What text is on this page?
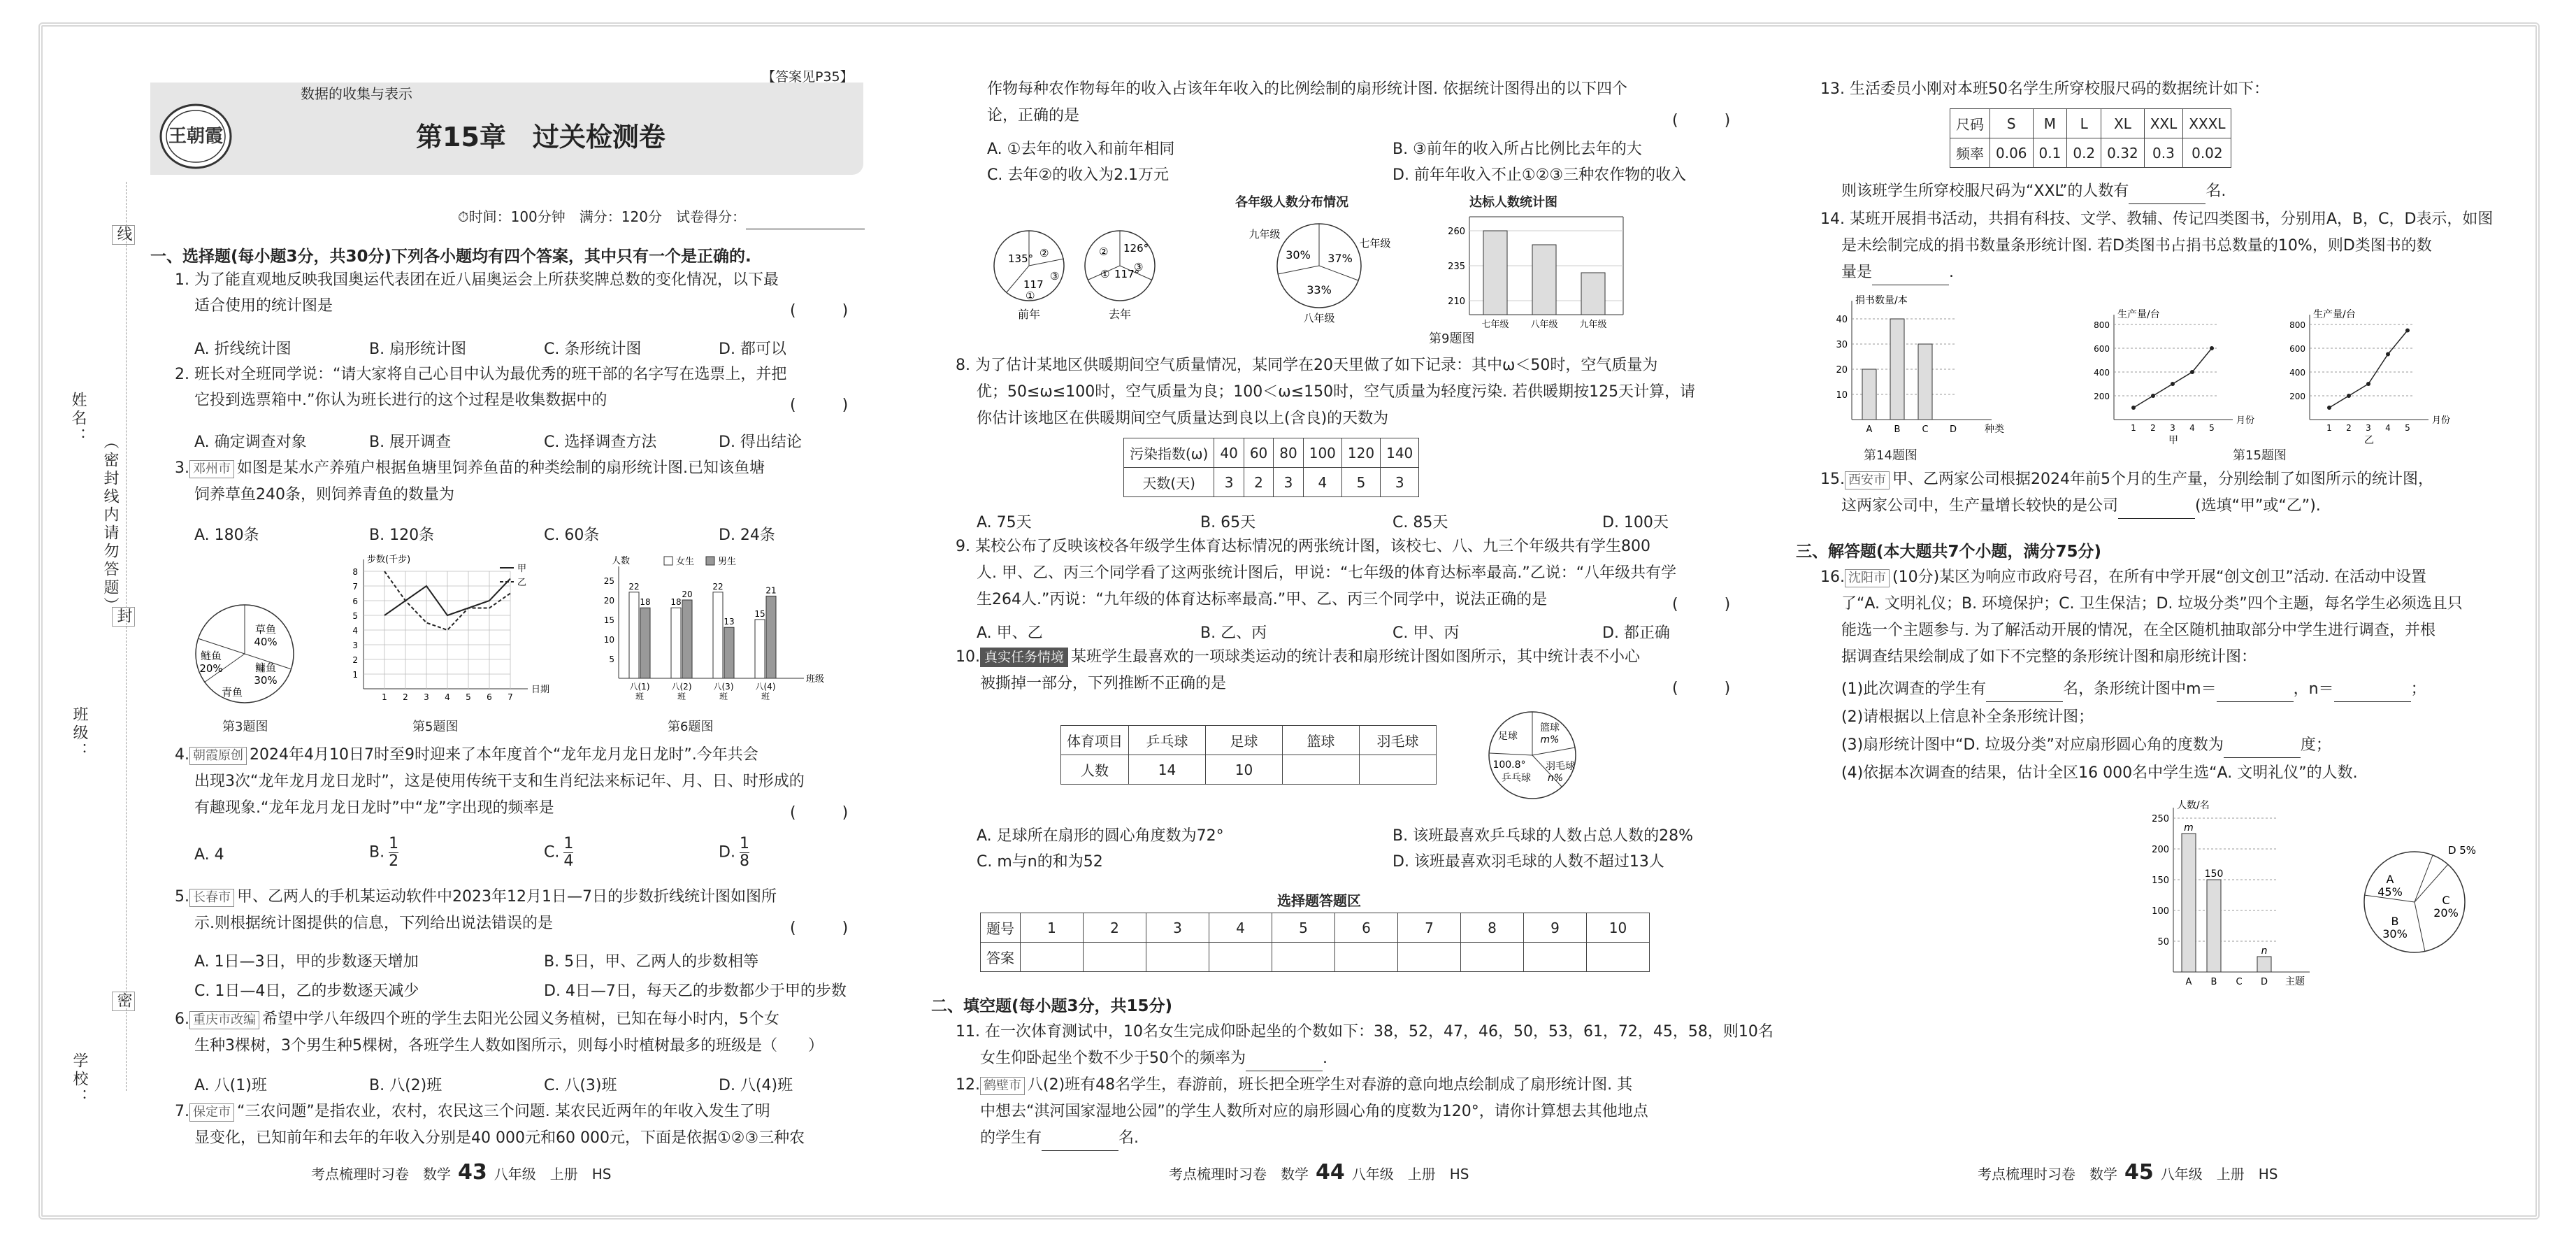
姓名：
班级：
学校：
（密封线内请勿答题）
线
封
密
王朝霞
数据的收集与表示
【答案见P35】
第15章　过关检测卷
⏱时间：100分钟　满分：120分　试卷得分：
一、选择题(每小题3分，共30分)下列各小题均有四个答案，其中只有一个是正确的.
1. 为了能直观地反映我国奥运代表团在近八届奥运会上所获奖牌总数的变化情况，以下最
适合使用的统计图是	(　　　)
A. 折线统计图	B. 扇形统计图	C. 条形统计图	D. 都可以
2. 班长对全班同学说：“请大家将自己心目中认为最优秀的班干部的名字写在选票上，并把
它投到选票箱中.”你认为班长进行的这个过程是收集数据中的	(　　　)
A. 确定调查对象	B. 展开调查	C. 选择调查方法	D. 得出结论
3. 邓州市 如图是某水产养殖户根据鱼塘里饲养鱼苗的种类绘制的扇形统计图.已知该鱼塘
饲养草鱼240条，则饲养青鱼的数量为
A. 180条	B. 120条	C. 60条	D. 24条
草鱼
40%
鲢鱼
20%	鳙鱼
30%
青鱼
第3题图
1
2
3
4
5
6
7
8
1 2 3 4 5 6 7
步数(千步)
日期
甲
乙
第5题图
5
10
15
20
25
人数	女生	男生
22
18
八(1)
班
18
20
八(2)
班
22
13
八(3)
班
15
21
八(4)
班
班级
第6题图
4. 朝霞原创 2024年4月10日7时至9时迎来了本年度首个“龙年龙月龙日龙时”.今年共会
出现3次“龙年龙月龙日龙时”，这是使用传统干支和生肖纪法来标记年、月、日、时形成的
有趣现象.“龙年龙月龙日龙时”中“龙”字出现的频率是	(　　　)
A. 4	B. $\frac{1}{2}$	C. $\frac{1}{4}$	D. $\frac{1}{8}$
5. 长春市 甲、乙两人的手机某运动软件中2023年12月1日—7日的步数折线统计图如图所
示.则根据统计图提供的信息，下列给出说法错误的是	(　　　)
A. 1日—3日，甲的步数逐天增加	B. 5日，甲、乙两人的步数相等
C. 1日—4日，乙的步数逐天减少	D. 4日—7日，每天乙的步数都少于甲的步数
6. 重庆市改编 希望中学八年级四个班的学生去阳光公园义务植树，已知在每小时内，5个女
生种3棵树，3个男生种5棵树，各班学生人数如图所示，则每小时植树最多的班级是（　　）
A. 八(1)班	B. 八(2)班	C. 八(3)班	D. 八(4)班
7. 保定市 “三农问题”是指农业，农村，农民这三个问题. 某农民近两年的年收入发生了明
显变化，已知前年和去年的年收入分别是40 000元和60 000元，下面是依据①②③三种农
考点梳理时习卷　数学 43 八年级　上册　HS
作物每种农作物每年的收入占该年年收入的比例绘制的扇形统计图. 依据统计图得出的以下四个
论，正确的是	(　　　)
A. ①去年的收入和前年相同	B. ③前年的收入所占比例比去年的大
C. 去年②的收入为2.1万元	D. 前年年收入不止①②③三种农作物的收入
135° ②
③
117
①
前年
② 126°
③
① 117°
去年
各年级人数分布情况
九年级
七年级
八年级
30% 37%
33%
达标人数统计图
210
235
260
七年级 八年级 九年级
第9题图
8. 为了估计某地区供暖期间空气质量情况，某同学在20天里做了如下记录：其中ω＜50时，空气质量为
优；50≤ω≤100时，空气质量为良；100＜ω≤150时，空气质量为轻度污染. 若供暖期按125天计算，请
你估计该地区在供暖期间空气质量达到良以上(含良)的天数为
污染指数(ω)	40	60	80	100	120	140
天数(天)	3	2	3	4	5	3
A. 75天	B. 65天	C. 85天	D. 100天
9. 某校公布了反映该校各年级学生体育达标情况的两张统计图，该校七、八、九三个年级共有学生800
人. 甲、乙、丙三个同学看了这两张统计图后，甲说：“七年级的体育达标率最高.”乙说：“八年级共有学
生264人.”丙说：“九年级的体育达标率最高.”甲、乙、丙三个同学中，说法正确的是	(　　　)
A. 甲、乙	B. 乙、丙	C. 甲、丙	D. 都正确
10. 真实任务情境 某班学生最喜欢的一项球类运动的统计表和扇形统计图如图所示，其中统计表不小心
被撕掉一部分，下列推断不正确的是	(　　　)
体育项目	乒乓球	足球	篮球	羽毛球
人数	14	10		
篮球
m%
足球
羽毛球
100.8°
n%
乒乓球
A. 足球所在扇形的圆心角度数为72°	B. 该班最喜欢乒乓球的人数占总人数的28%
C. m与n的和为52	D. 该班最喜欢羽毛球的人数不超过13人
选择题答题区
题号	1	2	3	4	5	6	7	8	9	10
答案										
二、填空题(每小题3分，共15分)
11. 在一次体育测试中，10名女生完成仰卧起坐的个数如下：38，52，47，46，50，53，61，72，45，58，则10名
女生仰卧起坐个数不少于50个的频率为	.
12. 鹤壁市 八(2)班有48名学生，春游前，班长把全班学生对春游的意向地点绘制成了扇形统计图. 其
中想去“淇河国家湿地公园”的学生人数所对应的扇形圆心角的度数为120°，请你计算想去其他地点
的学生有	名.
考点梳理时习卷　数学 44 八年级　上册　HS
13. 生活委员小刚对本班50名学生所穿校服尺码的数据统计如下：
尺码	S	M	L	XL	XXL	XXXL
频率	0.06	0.1	0.2	0.32	0.3	0.02
则该班学生所穿校服尺码为“XXL”的人数有	名.
14. 某班开展捐书活动，共捐有科技、文学、教辅、传记四类图书，分别用A，B，C，D表示，如图
是未绘制完成的捐书数量条形统计图. 若D类图书占捐书总数量的10%，则D类图书的数
量是	.
捐书数量/本
10
20
30
40
A B C D	种类
第14题图
生产量/台
200
400
600
800
1 2 3 4 5
月份
甲
生产量/台
200
400
600
800
1 2 3 4 5
月份
乙
第15题图
15. 西安市 甲、乙两家公司根据2024年前5个月的生产量，分别绘制了如图所示的统计图，
这两家公司中，生产量增长较快的是公司	(选填“甲”或“乙”).
三、解答题(本大题共7个小题，满分75分)
16. 沈阳市 (10分)某区为响应市政府号召，在所有中学开展“创文创卫”活动. 在活动中设置
了“A. 文明礼仪；B. 环境保护；C. 卫生保洁；D. 垃圾分类”四个主题，每名学生必须选且只
能选一个主题参与. 为了解活动开展的情况，在全区随机抽取部分中学生进行调查，并根
据调查结果绘制成了如下不完整的条形统计图和扇形统计图：
(1)此次调查的学生有	名，条形统计图中m＝	，n＝	；
(2)请根据以上信息补全条形统计图；
(3)扇形统计图中“D. 垃圾分类”对应扇形圆心角的度数为	度；
(4)依据本次调查的结果，估计全区16 000名中学生选“A. 文明礼仪”的人数.
人数/名
50
100
150
200
250
m
A
150
B C
n
D 主题
A
45%
B
30%
C
20%
D 5%
考点梳理时习卷　数学 45 八年级　上册　HS
